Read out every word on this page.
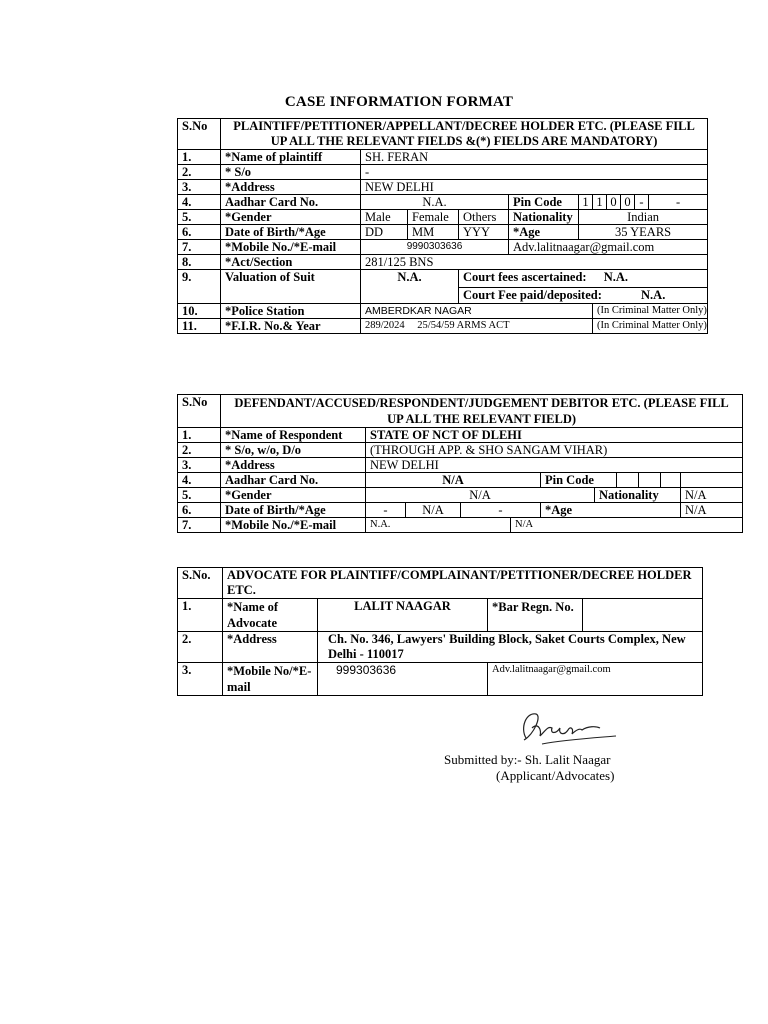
CASE INFORMATION FORMAT
S.No	PLAINTIFF/PETITIONER/APPELLANT/DECREE HOLDER ETC. (PLEASE FILL UP ALL THE RELEVANT FIELDS &(*) FIELDS ARE MANDATORY)										
1.	*Name of plaintiff	SH. FERAN									
2.	* S/o	-									
3.	*Address	NEW DELHI									
4.	Aadhar Card No.	N.A.			Pin Code	1	1	0	0	-	-
5.	*Gender	Male	Female	Others	Nationality	Indian					
6.	Date of Birth/*Age	DD	MM	YYY	*Age	35 YEARS					
7.	*Mobile No./*E-mail	9990303636			Adv.lalitnaagar@gmail.com						
8.	*Act/Section	281/125 BNS									
9.	Valuation of Suit	N.A.		Court fees ascertained: N.A.							
				Court Fee paid/deposited: N.A.							
10.	*Police Station	AMBERDKAR NAGAR					(In Criminal Matter Only)				
11.	*F.I.R. No.& Year	289/2024 25/54/59 ARMS ACT					(In Criminal Matter Only)				
S.No	DEFENDANT/ACCUSED/RESPONDENT/JUDGEMENT DEBITOR ETC. (PLEASE FILL UP ALL THE RELEVANT FIELD)										
1.	*Name of Respondent	STATE OF NCT OF DLEHI									
2.	* S/o, w/o, D/o	(THROUGH APP. & SHO SANGAM VIHAR)									
3.	*Address	NEW DELHI									
4.	Aadhar Card No.	N/A				Pin Code					
5.	*Gender	N/A					Nationality				N/A
6.	Date of Birth/*Age	-	N/A	-		*Age					N/A
7.	*Mobile No./*E-mail	N.A.			N/A						
S.No.	ADVOCATE FOR PLAINTIFF/COMPLAINANT/PETITIONER/DECREE HOLDER ETC.			
1.	*Name of Advocate	LALIT NAAGAR	*Bar Regn. No.	
2.	*Address	Ch. No. 346, Lawyers' Building Block, Saket Courts Complex, New Delhi - 110017		
3.	*Mobile No/*E-mail	999303636	Adv.lalitnaagar@gmail.com	
Submitted by:- Sh. Lalit Naagar
(Applicant/Advocates)
